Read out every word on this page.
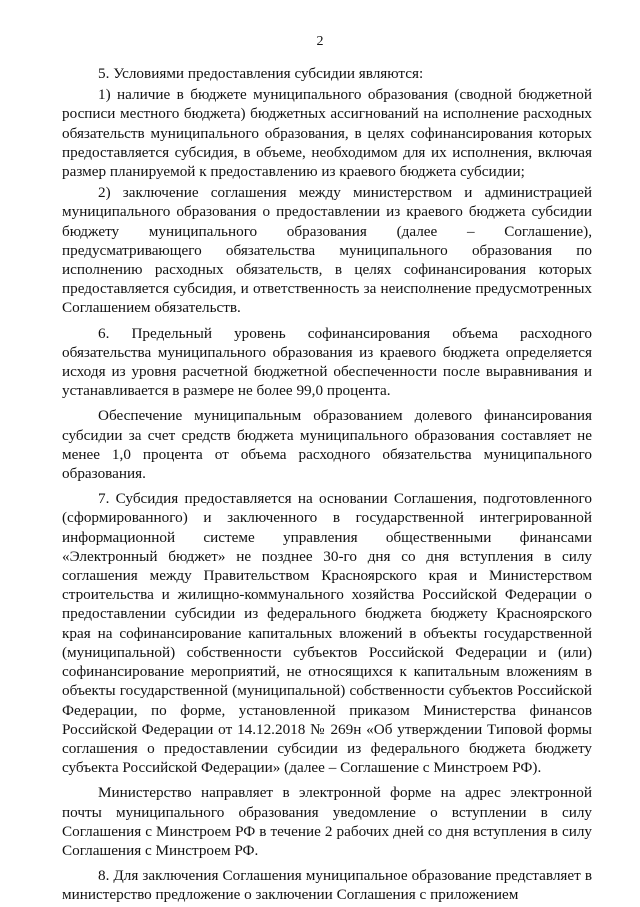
2

5. Условиями предоставления субсидии являются:

1) наличие в бюджете муниципального образования (сводной бюджетной росписи местного бюджета) бюджетных ассигнований на исполнение расходных обязательств муниципального образования, в целях софинансирования которых предоставляется субсидия, в объеме, необходимом для их исполнения, включая размер планируемой к предоставлению из краевого бюджета субсидии;

2) заключение соглашения между министерством и администрацией муниципального образования о предоставлении из краевого бюджета субсидии бюджету муниципального образования (далее – Соглашение), предусматривающего обязательства муниципального образования по исполнению расходных обязательств, в целях софинансирования которых предоставляется субсидия, и ответственность за неисполнение предусмотренных Соглашением обязательств.

6. Предельный уровень софинансирования объема расходного обязательства муниципального образования из краевого бюджета определяется исходя из уровня расчетной бюджетной обеспеченности после выравнивания и устанавливается в размере не более 99,0 процента.

Обеспечение муниципальным образованием долевого финансирования субсидии за счет средств бюджета муниципального образования составляет не менее 1,0 процента от объема расходного обязательства муниципального образования.

7. Субсидия предоставляется на основании Соглашения, подготовленного (сформированного) и заключенного в государственной интегрированной информационной системе управления общественными финансами «Электронный бюджет» не позднее 30-го дня со дня вступления в силу соглашения между Правительством Красноярского края и Министерством строительства и жилищно-коммунального хозяйства Российской Федерации о предоставлении субсидии из федерального бюджета бюджету Красноярского края на софинансирование капитальных вложений в объекты государственной (муниципальной) собственности субъектов Российской Федерации и (или) софинансирование мероприятий, не относящихся к капитальным вложениям в объекты государственной (муниципальной) собственности субъектов Российской Федерации, по форме, установленной приказом Министерства финансов Российской Федерации от 14.12.2018 № 269н «Об утверждении Типовой формы соглашения о предоставлении субсидии из федерального бюджета бюджету субъекта Российской Федерации» (далее – Соглашение с Минстроем РФ).

Министерство направляет в электронной форме на адрес электронной почты муниципального образования уведомление о вступлении в силу Соглашения с Минстроем РФ в течение 2 рабочих дней со дня вступления в силу Соглашения с Минстроем РФ.

8. Для заключения Соглашения муниципальное образование представляет в министерство предложение о заключении Соглашения с приложением
